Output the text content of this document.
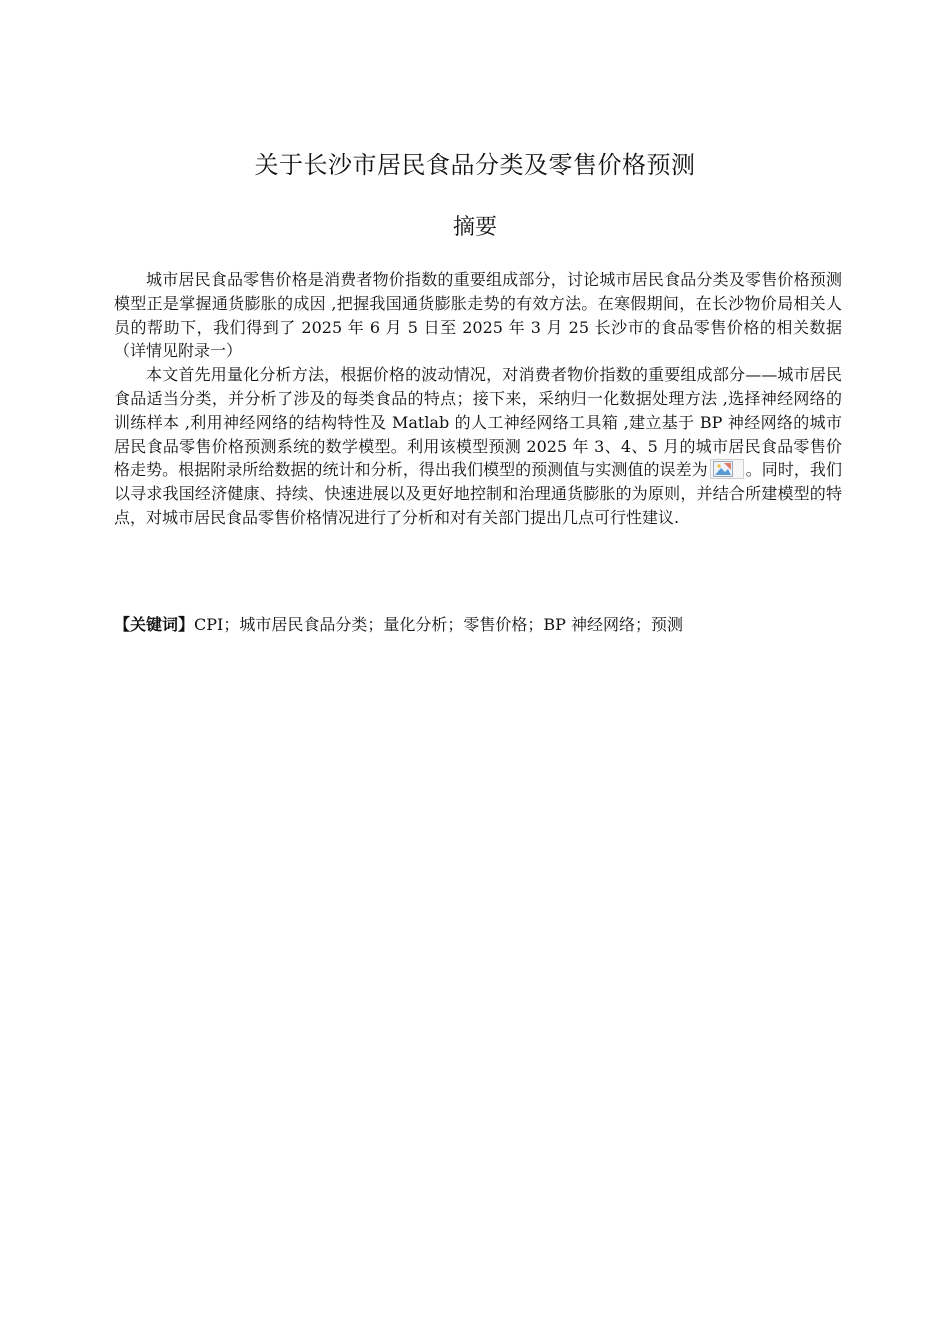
关于长沙市居民食品分类及零售价格预测
摘要

城市居民食品零售价格是消费者物价指数的重要组成部分，讨论城市居民食品分类及零售价格预测模型正是掌握通货膨胀的成因 ,把握我国通货膨胀走势的有效方法。在寒假期间，在长沙物价局相关人员的帮助下，我们得到了 2025 年 6 月 5 日至 2025 年 3 月 25 长沙市的食品零售价格的相关数据（详情见附录一）

本文首先用量化分析方法，根据价格的波动情况，对消费者物价指数的重要组成部分——城市居民食品适当分类，并分析了涉及的每类食品的特点；接下来，采纳归一化数据处理方法 ,选择神经网络的训练样本 ,利用神经网络的结构特性及 Matlab 的人工神经网络工具箱 ,建立基于 BP 神经网络的城市居民食品零售价格预测系统的数学模型。利用该模型预测 2025 年 3、4、5 月的城市居民食品零售价格走势。根据附录所给数据的统计和分析，得出我们模型的预测值与实测值的误差为 。同时，我们以寻求我国经济健康、持续、快速进展以及更好地控制和治理通货膨胀的为原则，并结合所建模型的特点，对城市居民食品零售价格情况进行了分析和对有关部门提出几点可行性建议.

【关键词】CPI；城市居民食品分类；量化分析；零售价格；BP 神经网络；预测
